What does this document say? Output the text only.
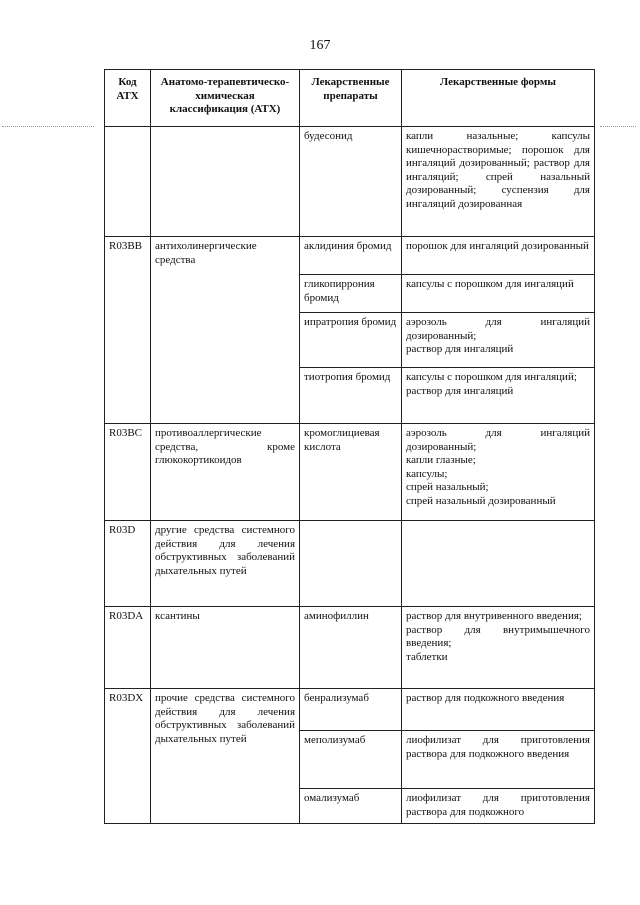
167
Код АТХ	Анатомо-терапевтическо-химическая классификация (АТХ)	Лекарственные препараты	Лекарственные формы
		будесонид	капли назальные; капсулы кишечнорастворимые; порошок для ингаляций дозированный; раствор для ингаляций; спрей назальный дозированный; суспензия для ингаляций дозированная

R03BB	антихолинергические средства	аклидиния бромид	порошок для ингаляций дозированный

		гликопиррония бромид	капсулы с порошком для ингаляций

		ипратропия бромид	аэрозоль для ингаляций дозированный;
раствор для ингаляций

		тиотропия бромид	капсулы с порошком для ингаляций;
раствор для ингаляций

R03BC	противоаллергические средства, кроме глюкокортикоидов	кромоглициевая кислота	аэрозоль для ингаляций дозированный;
капли глазные;
капсулы;
спрей назальный;
спрей назальный дозированный

R03D	другие средства системного действия для лечения обструктивных заболеваний дыхательных путей		
R03DA	ксантины	аминофиллин	раствор для внутривенного введения;
раствор для внутримышечного введения;
таблетки

R03DX	прочие средства системного действия для лечения обструктивных заболеваний дыхательных путей	бенрализумаб	раствор для подкожного введения

		меполизумаб	лиофилизат для приготовления раствора для подкожного введения

		омализумаб	лиофилизат для приготовления раствора для подкожного
